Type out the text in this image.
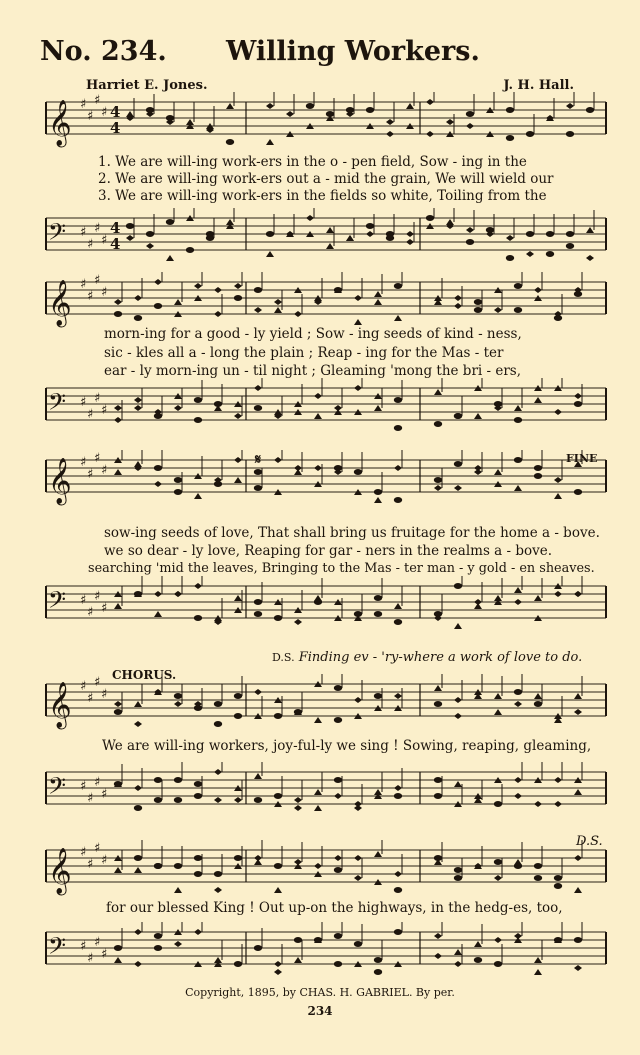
No. 234. Willing Workers.
Harriet E. Jones.	J. H. Hall.
𝄞 ♯
♯
♯
♯ 4
4
𝄢 ♯
♯
♯
♯
4
4
1. We are will-ing work-ers in the o - pen field, Sow - ing in the
2. We are will-ing work-ers out a - mid the grain, We will wield our
3. We are will-ing work-ers in the fields so white, Toiling from the
𝄞 ♯
♯
♯
♯
𝄢 ♯
♯
♯
♯
morn-ing for a good - ly yield ; Sow - ing seeds of kind - ness,
sic - kles all a - long the plain ; Reap - ing for the Mas - ter
ear - ly morn-ing un - til night ; Gleaming 'mong the bri - ers,
𝄞 ♯
♯
♯
♯
𝄢 ♯
♯
♯
♯
𝄋	FINE
sow-ing seeds of love, That shall bring us fruitage for the home a - bove.
we so dear - ly love, Reaping for gar - ners in the realms a - bove.
searching 'mid the leaves, Bringing to the Mas - ter man - y gold - en sheaves.
D.S. Finding ev - 'ry-where a work of love to do.
CHORUS.
𝄞 ♯
♯
♯
♯
We are will-ing workers, joy-ful-ly we sing ! Sowing, reaping, gleaming,
𝄢 ♯
♯
♯
♯
D.S.
𝄞 ♯
♯
♯
♯
for our blessed King ! Out up-on the highways, in the hedg-es, too,
𝄢 ♯
♯
♯
♯
Copyright, 1895, by CHAS. H. GABRIEL. By per.
234
